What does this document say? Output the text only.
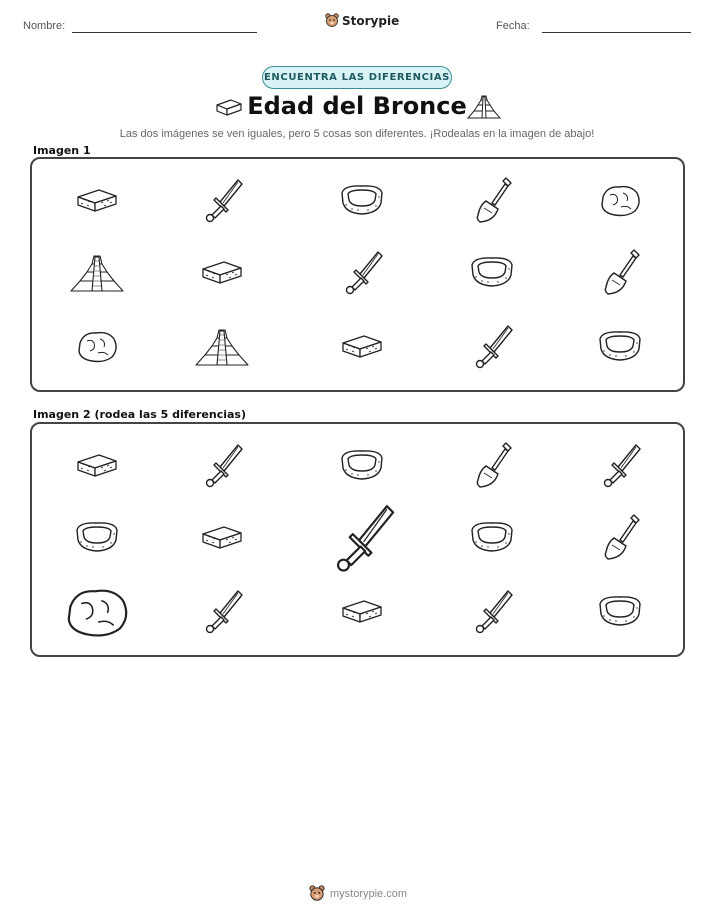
Nombre:	Storypie	Fecha:
ENCUENTRA LAS DIFERENCIAS
Edad del Bronce
Las dos imágenes se ven iguales, pero 5 cosas son diferentes. ¡Rodealas en la imagen de abajo!
Imagen 1
Imagen 2 (rodea las 5 diferencias)
mystorypie.com
